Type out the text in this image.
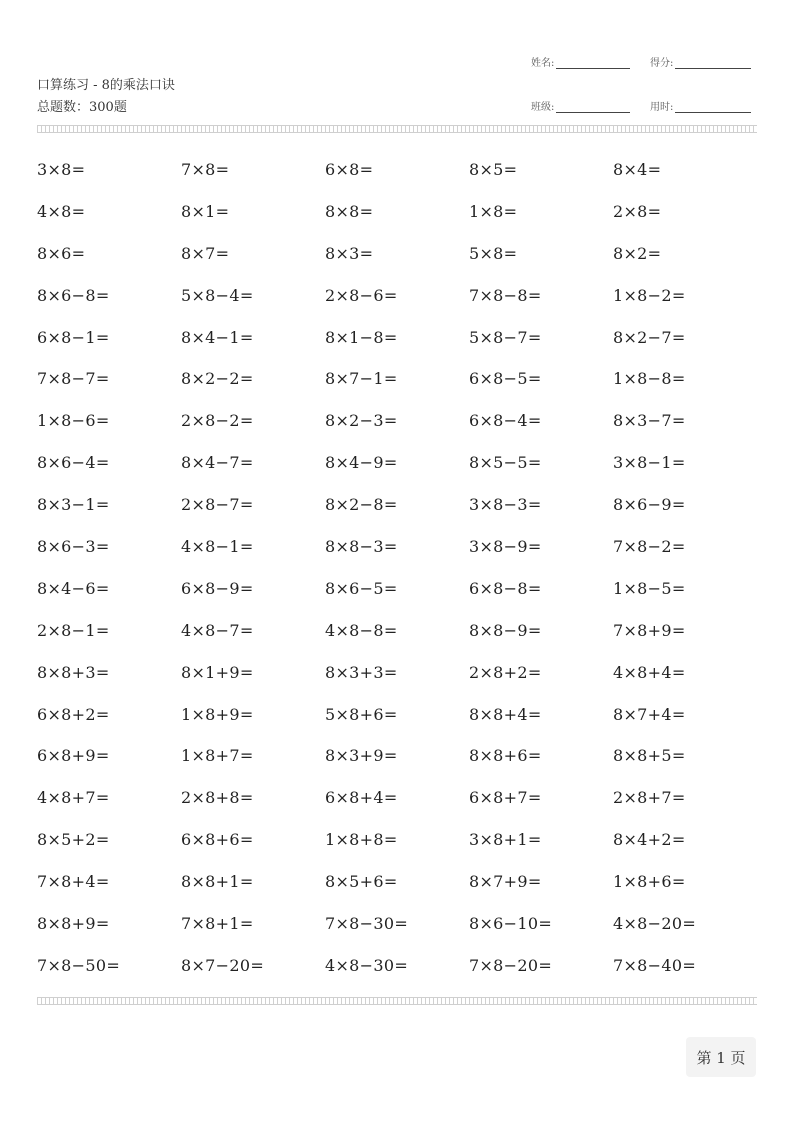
口算练习 - 8的乘法口诀
总题数：300题
姓名:	得分:
班级:	用时:
3×8=	7×8=	6×8=	8×5=	8×4=
4×8=	8×1=	8×8=	1×8=	2×8=
8×6=	8×7=	8×3=	5×8=	8×2=
8×6−8=	5×8−4=	2×8−6=	7×8−8=	1×8−2=
6×8−1=	8×4−1=	8×1−8=	5×8−7=	8×2−7=
7×8−7=	8×2−2=	8×7−1=	6×8−5=	1×8−8=
1×8−6=	2×8−2=	8×2−3=	6×8−4=	8×3−7=
8×6−4=	8×4−7=	8×4−9=	8×5−5=	3×8−1=
8×3−1=	2×8−7=	8×2−8=	3×8−3=	8×6−9=
8×6−3=	4×8−1=	8×8−3=	3×8−9=	7×8−2=
8×4−6=	6×8−9=	8×6−5=	6×8−8=	1×8−5=
2×8−1=	4×8−7=	4×8−8=	8×8−9=	7×8+9=
8×8+3=	8×1+9=	8×3+3=	2×8+2=	4×8+4=
6×8+2=	1×8+9=	5×8+6=	8×8+4=	8×7+4=
6×8+9=	1×8+7=	8×3+9=	8×8+6=	8×8+5=
4×8+7=	2×8+8=	6×8+4=	6×8+7=	2×8+7=
8×5+2=	6×8+6=	1×8+8=	3×8+1=	8×4+2=
7×8+4=	8×8+1=	8×5+6=	8×7+9=	1×8+6=
8×8+9=	7×8+1=	7×8−30=	8×6−10=	4×8−20=
7×8−50=	8×7−20=	4×8−30=	7×8−20=	7×8−40=
第 1 页
